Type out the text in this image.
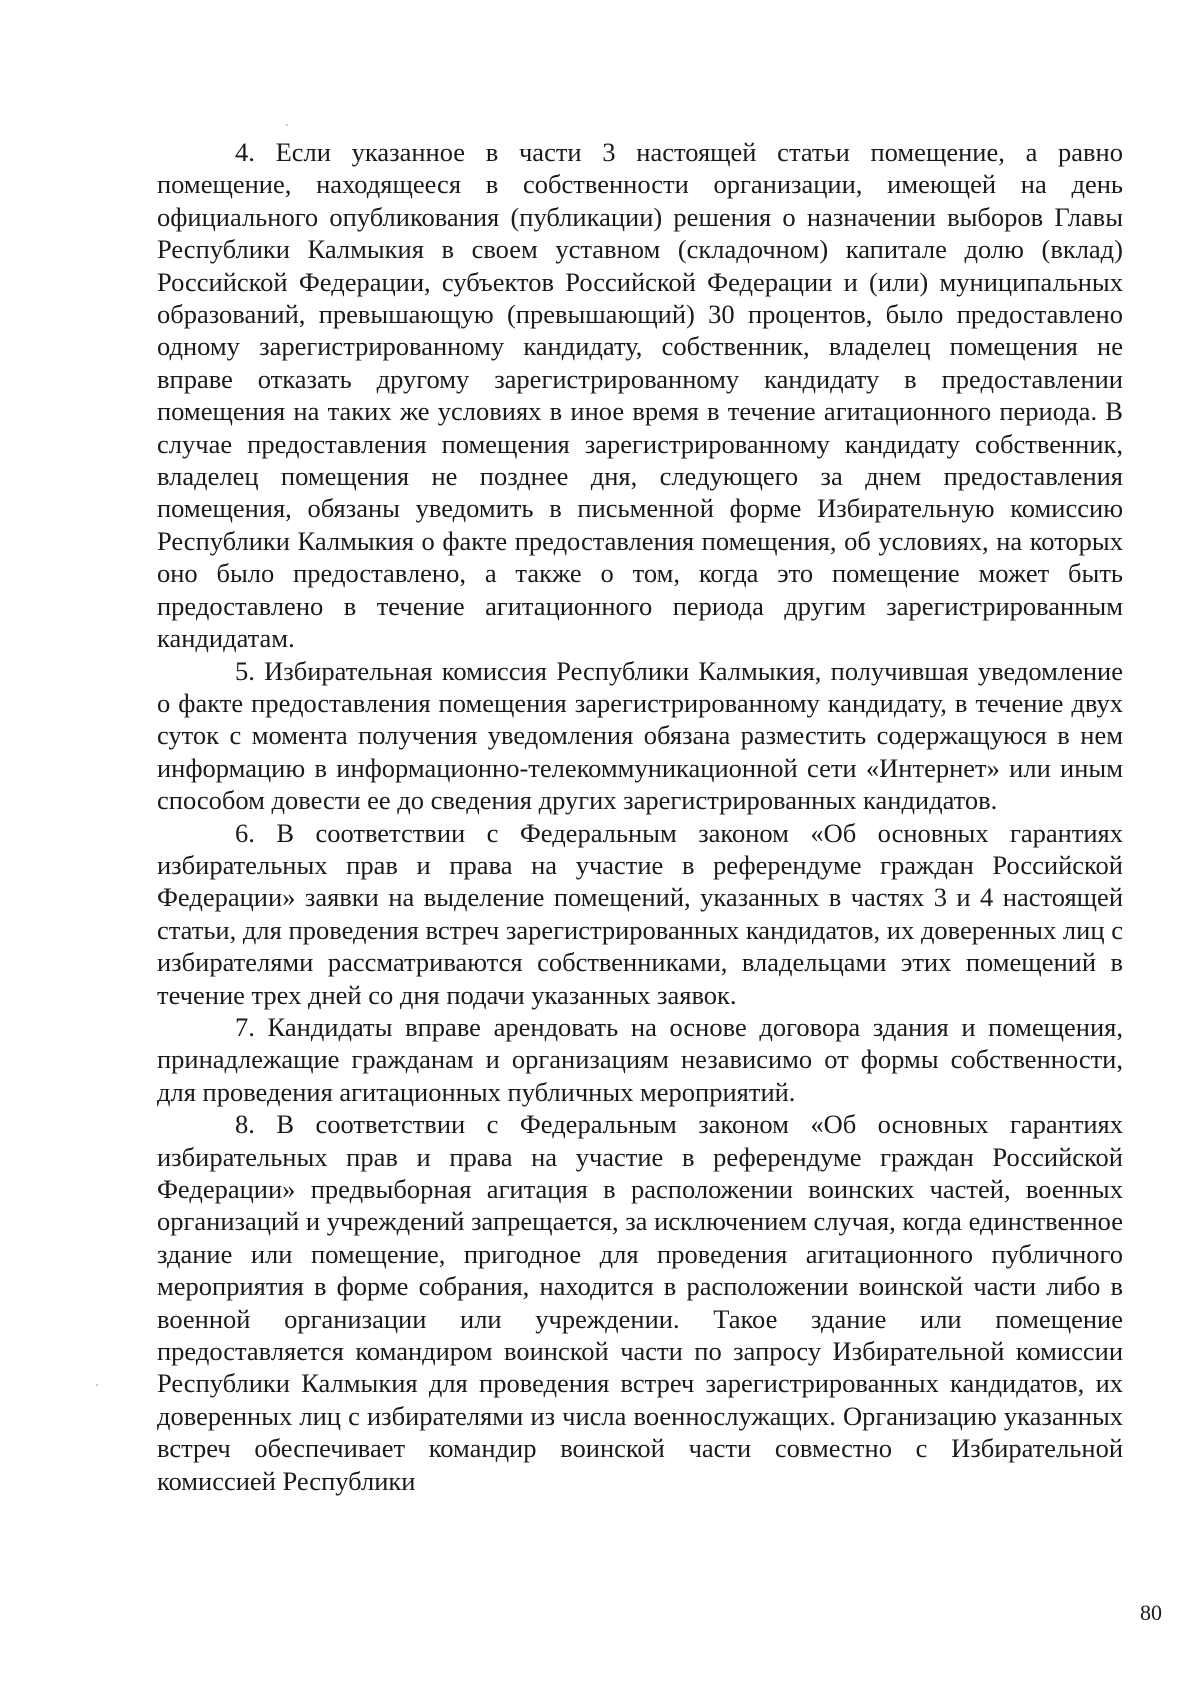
4. Если указанное в части 3 настоящей статьи помещение, а равно помещение, находящееся в собственности организации, имеющей на день официального опубликования (публикации) решения о назначении выборов Главы Республики Калмыкия в своем уставном (складочном) капитале долю (вклад) Российской Федерации, субъектов Российской Федерации и (или) муниципальных образований, превышающую (превышающий) 30 процентов, было предоставлено одному зарегистрированному кандидату, собственник, владелец помещения не вправе отказать другому зарегистрированному кандидату в предоставлении помещения на таких же условиях в иное время в течение агитационного периода. В случае предоставления помещения зарегистрированному кандидату собственник, владелец помещения не позднее дня, следующего за днем предоставления помещения, обязаны уведомить в письменной форме Избирательную комиссию Республики Калмыкия о факте предоставления помещения, об условиях, на которых оно было предоставлено, а также о том, когда это помещение может быть предоставлено в течение агитационного периода другим зарегистрированным кандидатам.

5. Избирательная комиссия Республики Калмыкия, получившая уведомление о факте предоставления помещения зарегистрированному кандидату, в течение двух суток с момента получения уведомления обязана разместить содержащуюся в нем информацию в информационно-телекоммуникационной сети «Интернет» или иным способом довести ее до сведения других зарегистрированных кандидатов.

6. В соответствии с Федеральным законом «Об основных гарантиях избирательных прав и права на участие в референдуме граждан Российской Федерации» заявки на выделение помещений, указанных в частях 3 и 4 настоящей статьи, для проведения встреч зарегистрированных кандидатов, их доверенных лиц с избирателями рассматриваются собственниками, владельцами этих помещений в течение трех дней со дня подачи указанных заявок.

7. Кандидаты вправе арендовать на основе договора здания и помещения, принадлежащие гражданам и организациям независимо от формы собственности, для проведения агитационных публичных мероприятий.

8. В соответствии с Федеральным законом «Об основных гарантиях избирательных прав и права на участие в референдуме граждан Российской Федерации» предвыборная агитация в расположении воинских частей, военных организаций и учреждений запрещается, за исключением случая, когда единственное здание или помещение, пригодное для проведения агитационного публичного мероприятия в форме собрания, находится в расположении воинской части либо в военной организации или учреждении. Такое здание или помещение предоставляется командиром воинской части по запросу Избирательной комиссии Республики Калмыкия для проведения встреч зарегистрированных кандидатов, их доверенных лиц с избирателями из числа военнослужащих. Организацию указанных встреч обеспечивает командир воинской части совместно с Избирательной комиссией Республики

80
